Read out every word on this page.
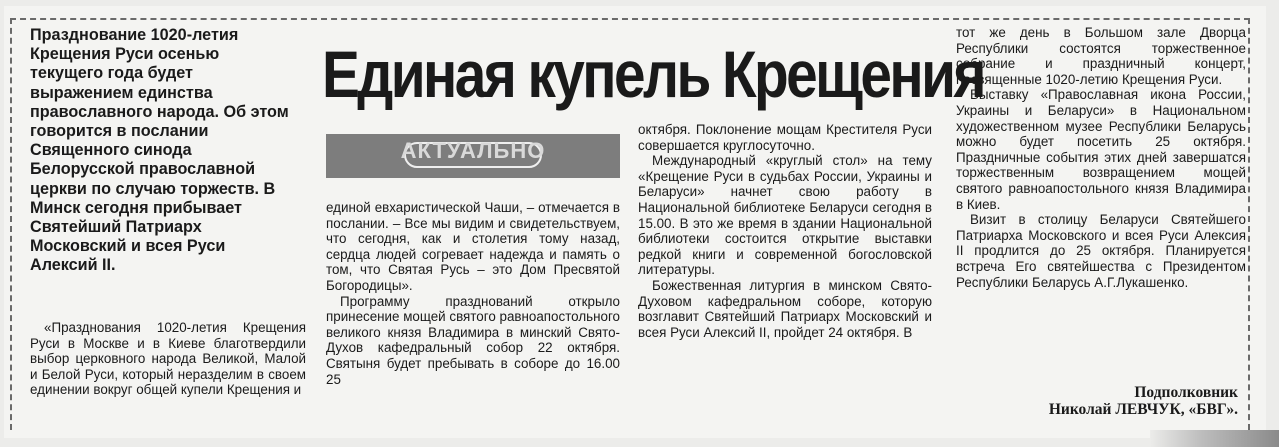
Празднование 1020-летия Крещения Руси осенью текущего года будет выражением единства православного народа. Об этом говорится в послании Священного синода Белорусской православной церкви по случаю торжеств. В Минск сегодня прибывает Святейший Патриарх Московский и всея Руси Алексий II.
Единая купель Крещения
АКТУАЛЬНО

«Празднования 1020-летия Крещения Руси в Москве и в Киеве благотвердили выбор церковного народа Великой, Малой и Белой Руси, который неразделим в своем единении вокруг общей купели Крещения и

единой евхаристической Чаши, – отмечается в послании. – Все мы видим и свидетельствуем, что сегодня, как и столетия тому назад, сердца людей согревает надежда и память о том, что Святая Русь – это Дом Пресвятой Богородицы».

Программу празднований открыло принесение мощей святого равноапостольного великого князя Владимира в минский Свято-Духов кафедральный собор 22 октября. Святыня будет пребывать в соборе до 16.00 25

октября. Поклонение мощам Крестителя Руси совершается круглосуточно.

Международный «круглый стол» на тему «Крещение Руси в судьбах России, Украины и Беларуси» начнет свою работу в Национальной библиотеке Беларуси сегодня в 15.00. В это же время в здании Национальной библиотеки состоится открытие выставки редкой книги и современной богословской литературы.

Божественная литургия в минском Свято-Духовом кафедральном соборе, которую возглавит Святейший Патриарх Московский и всея Руси Алексий II, пройдет 24 октября. В

тот же день в Большом зале Дворца Республики состоятся торжественное собрание и праздничный концерт, посвященные 1020-летию Крещения Руси.

Выставку «Православная икона России, Украины и Беларуси» в Национальном художественном музее Республики Беларусь можно будет посетить 25 октября. Праздничные события этих дней завершатся торжественным возвращением мощей святого равноапостольного князя Владимира в Киев.

Визит в столицу Беларуси Святейшего Патриарха Московского и всея Руси Алексия II продлится до 25 октября. Планируется встреча Его святейшества с Президентом Республики Беларусь А.Г.Лукашенко.

Подполковник
Николай ЛЕВЧУК, «БВГ».
